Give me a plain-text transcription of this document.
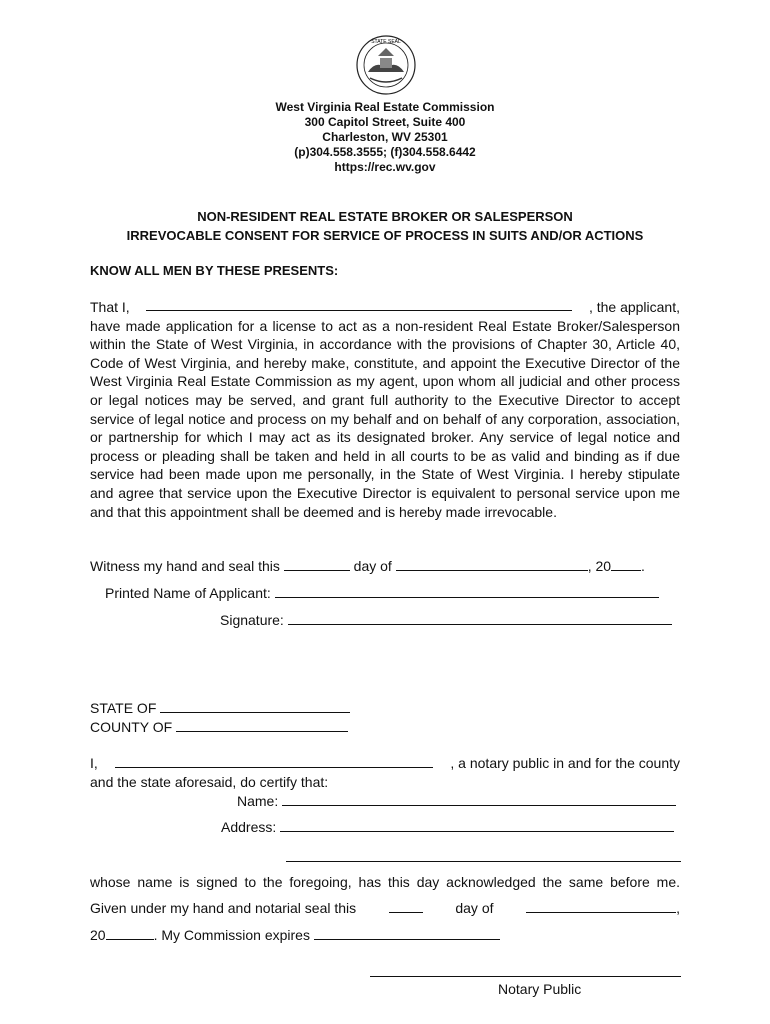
STATE SEAL
West Virginia Real Estate Commission
300 Capitol Street, Suite 400
Charleston, WV 25301
(p)304.558.3555; (f)304.558.6442
https://rec.wv.gov
NON-RESIDENT REAL ESTATE BROKER OR SALESPERSON
IRREVOCABLE CONSENT FOR SERVICE OF PROCESS IN SUITS AND/OR ACTIONS
KNOW ALL MEN BY THESE PRESENTS:
That I,	, the applicant,
have made application for a license to act as a non-resident Real Estate Broker/Salesperson within the State of West Virginia, in accordance with the provisions of Chapter 30, Article 40, Code of West Virginia, and hereby make, constitute, and appoint the Executive Director of the West Virginia Real Estate Commission as my agent, upon whom all judicial and other process or legal notices may be served, and grant full authority to the Executive Director to accept service of legal notice and process on my behalf and on behalf of any corporation, association, or partnership for which I may act as its designated broker. Any service of legal notice and process or pleading shall be taken and held in all courts to be as valid and binding as if due service had been made upon me personally, in the State of West Virginia. I hereby stipulate and agree that service upon the Executive Director is equivalent to personal service upon me and that this appointment shall be deemed and is hereby made irrevocable.
Witness my hand and seal this	day of	, 20 .
Printed Name of Applicant:
Signature:
STATE OF
COUNTY OF
I,	, a notary public in and for the county
and the state aforesaid, do certify that:
Name:
Address:
whose name is signed to the foregoing, has this day acknowledged the same before me.
Given under my hand and notarial seal this	day of	,
20	. My Commission expires
Notary Public
